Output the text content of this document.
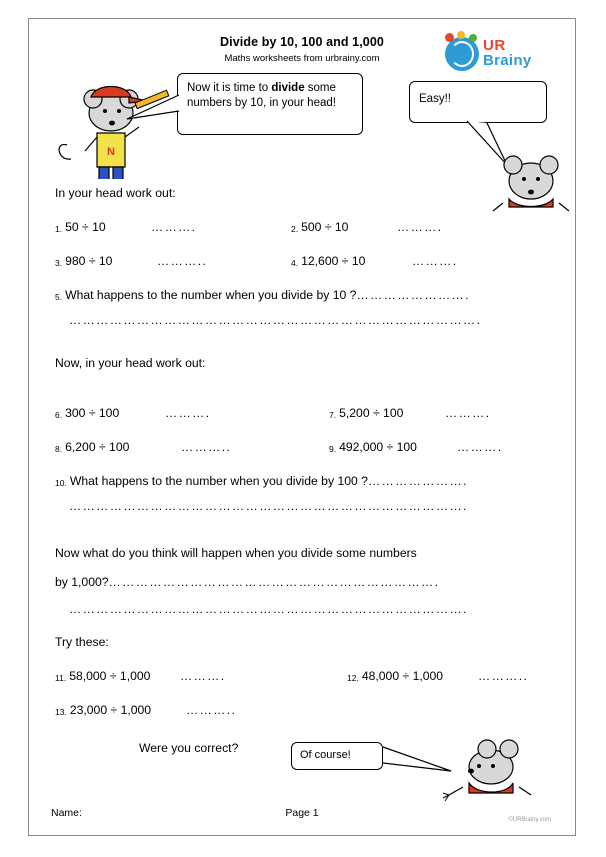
Divide by 10, 100 and 1,000
Maths worksheets from urbrainy.com
UR
Brainy
N
Now it is time to divide some numbers by 10, in your head!	Easy!!
In your head work out:
1. 50 ÷ 10	……….	2. 500 ÷ 10	……….
3. 980 ÷ 10	………..	4. 12,600 ÷ 10	……….
5. What happens to the number when you divide by 10 ?…………………….
……………………………………………………………………………….
Now, in your head work out:
6. 300 ÷ 100	……….	7. 5,200 ÷ 100	……….
8. 6,200 ÷ 100	………..	9. 492,000 ÷ 100	……….
10. What happens to the number when you divide by 100 ?………………….
…………………………………………………………………………….
Now what do you think will happen when you divide some numbers
by 1,000?……………………………………………………………….
…………………………………………………………………………….
Try these:
11. 58,000 ÷ 1,000 ……….	12. 48,000 ÷ 1,000	………..
13. 23,000 ÷ 1,000	………..
Were you correct?	Of course!
Name:	Page 1
©URBrainy.com
